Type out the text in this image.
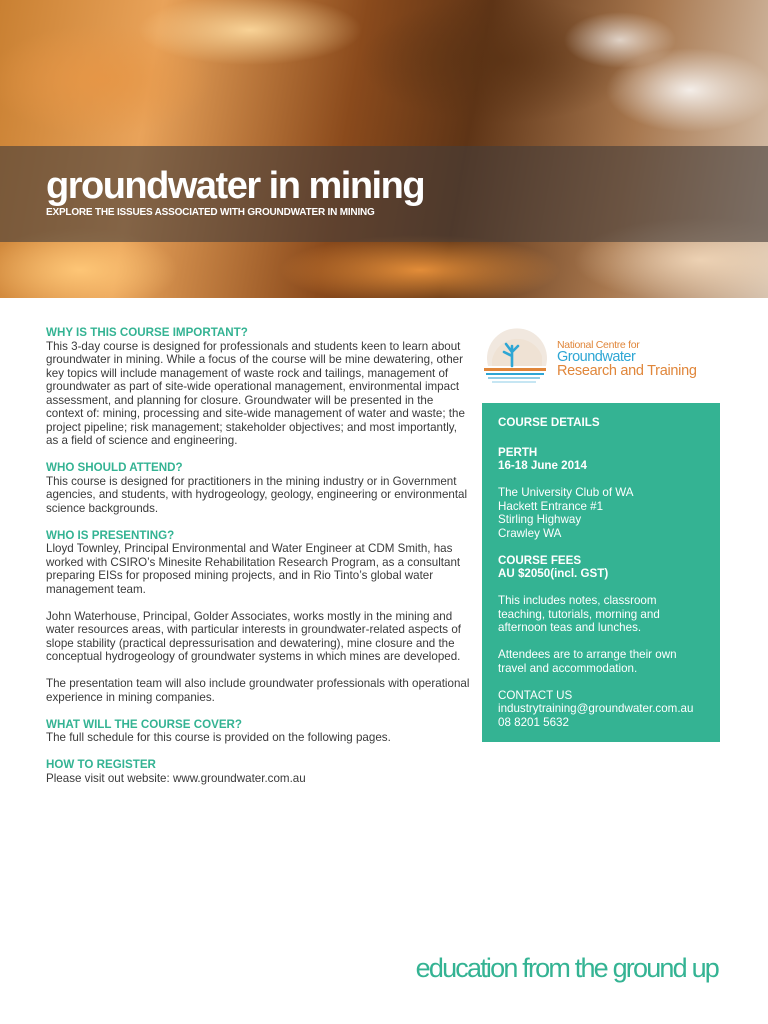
groundwater in mining

EXPLORE THE ISSUES ASSOCIATED WITH GROUNDWATER IN MINING

National Centre for
Groundwater
Research and Training
WHY IS THIS COURSE IMPORTANT?

This 3-day course is designed for professionals and students keen to learn about groundwater in mining. While a focus of the course will be mine dewatering, other key topics will include management of waste rock and tailings, management of groundwater as part of site-wide operational management, environmental impact assessment, and planning for closure. Groundwater will be presented in the context of: mining, processing and site-wide management of water and waste; the project pipeline; risk management; stakeholder objectives; and most importantly, as a field of science and engineering.

WHO SHOULD ATTEND?

This course is designed for practitioners in the mining industry or in Government agencies, and students, with hydrogeology, geology, engineering or environmental science backgrounds.

WHO IS PRESENTING?

Lloyd Townley, Principal Environmental and Water Engineer at CDM Smith, has worked with CSIRO’s Minesite Rehabilitation Research Program, as a consultant preparing EISs for proposed mining projects, and in Rio Tinto’s global water management team.

John Waterhouse, Principal, Golder Associates, works mostly in the mining and water resources areas, with particular interests in groundwater-related aspects of slope stability (practical depressurisation and dewatering), mine closure and the conceptual hydrogeology of groundwater systems in which mines are developed.

The presentation team will also include groundwater professionals with operational experience in mining companies.

WHAT WILL THE COURSE COVER?

The full schedule for this course is provided on the following pages.

HOW TO REGISTER

Please visit out website: www.groundwater.com.au

COURSE DETAILS
PERTH
16-18 June 2014
The University Club of WA
Hackett Entrance #1
Stirling Highway
Crawley WA
COURSE FEES
AU $2050(incl. GST)
This includes notes, classroom
teaching, tutorials, morning and
afternoon teas and lunches.
Attendees are to arrange their own
travel and accommodation.
CONTACT US
industrytraining@groundwater.com.au
08 8201 5632

education from the ground up
